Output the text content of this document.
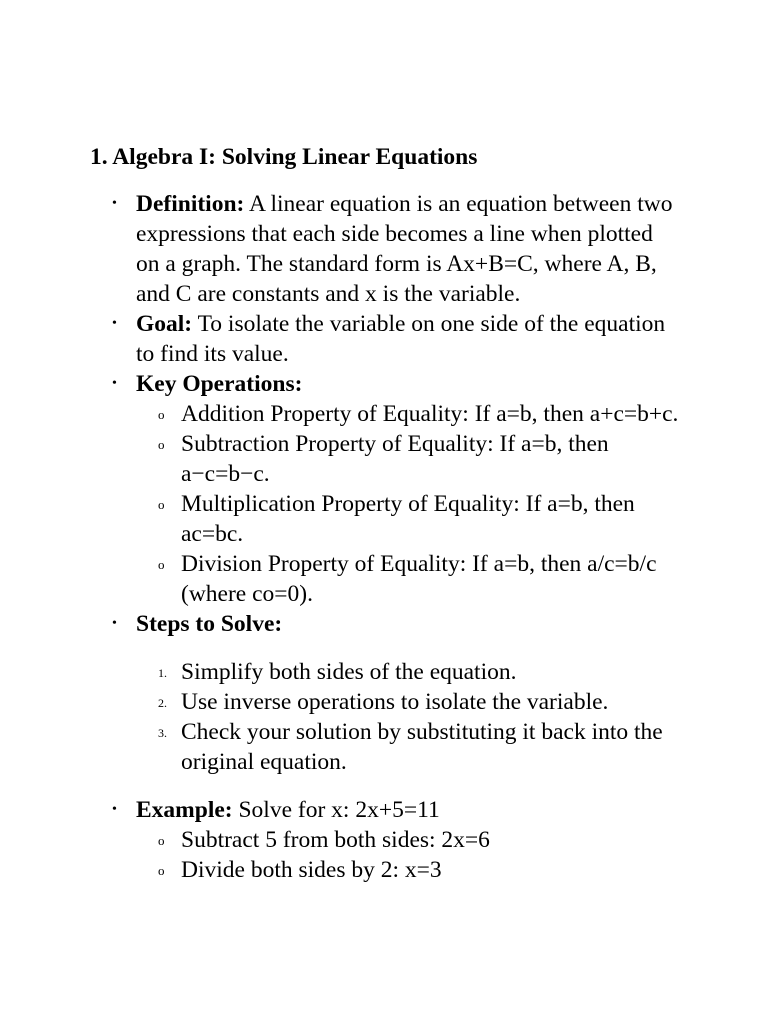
1. Algebra I: Solving Linear Equations
• Definition: A linear equation is an equation between two expressions that each side becomes a line when plotted on a graph. The standard form is Ax+B=C, where A, B, and C are constants and x is the variable.
• Goal: To isolate the variable on one side of the equation to find its value.
• Key Operations:
o Addition Property of Equality: If a=b, then a+c=b+c.
o Subtraction Property of Equality: If a=b, then a−c=b−c.
o Multiplication Property of Equality: If a=b, then ac=bc.
o Division Property of Equality: If a=b, then a/c=b/c (where co=0).
• Steps to Solve:
1. Simplify both sides of the equation.
2. Use inverse operations to isolate the variable.
3. Check your solution by substituting it back into the original equation.
• Example: Solve for x: 2x+5=11
o Subtract 5 from both sides: 2x=6
o Divide both sides by 2: x=3
